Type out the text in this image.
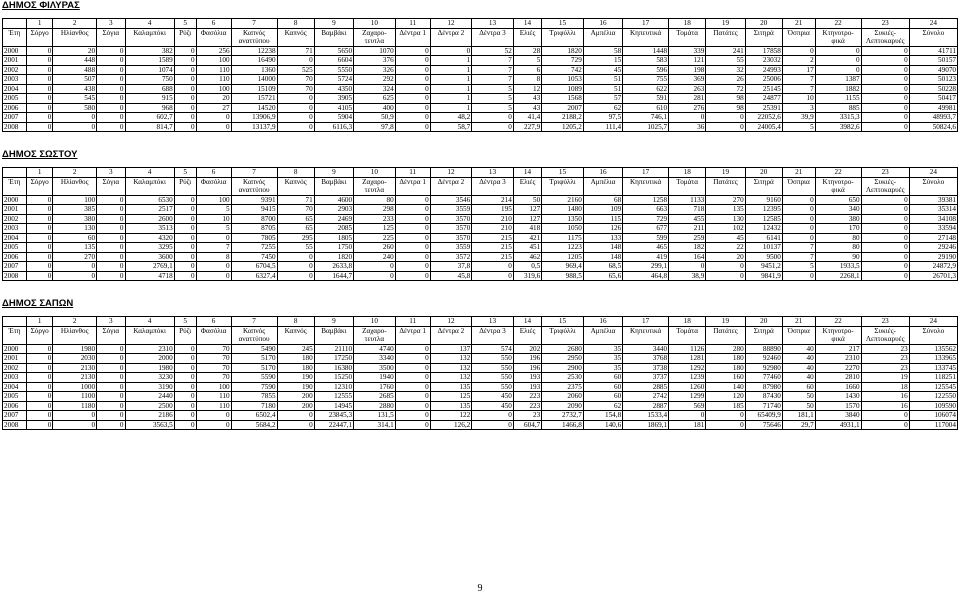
ΔΗΜΟΣ ΦΙΛΥΡΑΣ
	1	2	3	4	5	6	7	8	9	10	11	12	13	14	15	16	17	18	19	20	21	22	23	24
Έτη	Σόργο	Ηλίανθος	Σόγια	Καλαμπόκι	Ρύζι	Φασόλια	Καπνός αναττύπου	Καπνός	Βαμβάκι	Ζαχαρο-τευτλα	Δέντρα 1	Δέντρα 2	Δέντρα 3	Ελιές	Τριφύλλι	Αμπέλια	Κηπευτικά	Τομάτα	Πατάτες	Σιτηρά	Όσπρια	Κτηνοτρο-φικά	Συκιές-Λεπτοκαρυές	Σύνολο
2000	0	20	0	382	0	256	12238	71	5650	1070	0	0	52	28	1820	58	1448	339	241	17858	0	0	0	41711
2001	0	448	0	1589	0	100	16490	0	6604	376	0	1	7	5	729	15	583	121	55	23032	2	0	0	50157
2002	0	488	0	1074	0	110	1360	525	5550	326	0	1	7	6	742	45	596	198	32	24993	17	0	0	49070
2003	0	507	0	750	0	110	14000	70	5724	292	0	1	7	8	1053	51	755	369	26	25006	7	1387	0	50123
2004	0	438	0	688	0	100	15109	70	4350	324	0	1	5	12	1089	51	622	263	72	25145	7	1882	0	50228
2005	0	545	0	915	0	20	15721	0	3905	625	0	1	5	43	1568	57	591	281	98	24877	10	1155	0	50417
2006	0	580	0	968	0	27	14520	0	4105	400	0	1	5	43	2007	62	610	276	98	25391	3	885	0	49981
2007	0	0	0	602,7	0	0	13906,9	0	5904	50,9	0	48,2	0	41,4	2188,2	97,5	746,1	0	0	22052,6	39,9	3315,3	0	48993,7
2008	0	0	0	814,7	0	0	13137,9	0	6116,3	97,8	0	58,7	0	227,9	1205,2	111,4	1025,7	36	0	24005,4	5	3982,6	0	50824,6
ΔΗΜΟΣ ΣΩΣΤΟΥ
	1	2	3	4	5	6	7	8	9	10	11	12	13	14	15	16	17	18	19	20	21	22	23	24
Έτη	Σόργο	Ηλίανθος	Σόγια	Καλαμπόκι	Ρύζι	Φασόλια	Καπνός αναττύπου	Καπνός	Βαμβάκι	Ζαχαρο-τευτλα	Δέντρα 1	Δέντρα 2	Δέντρα 3	Ελιές	Τριφύλλι	Αμπέλια	Κηπευτικά	Τομάτα	Πατάτες	Σιτηρά	Όσπρια	Κτηνοτρο-φικά	Συκιές-Λεπτοκαρυές	Σύνολο
2000	0	100	0	6530	0	100	9391	71	4600	80	0	3546	214	50	2160	68	1258	1133	270	9160	0	650	0	39381
2001	0	385	0	2517	0	5	9415	70	2903	298	0	3559	195	127	1480	109	663	718	135	12395	0	340	0	35314
2002	0	380	0	2600	0	10	8700	65	2469	233	0	3570	210	127	1350	115	729	455	130	12585	0	380	0	34108
2003	0	130	0	3513	0	5	8705	65	2085	125	0	3570	210	418	1050	126	677	211	102	12432	0	170	0	33594
2004	0	60	0	4320	0	0	7805	295	1805	225	0	3570	215	421	1175	133	599	259	45	6141	0	80	0	27148
2005	0	135	0	3295	0	7	7255	55	1750	260	0	3559	215	451	1223	148	465	182	22	10137	7	80	0	29246
2006	0	270	0	3600	0	8	7450	0	1820	240	0	3572	215	462	1205	148	419	164	20	9500	7	90	0	29190
2007	0	0	0	2769,1	0	0	6704,5	0	2633,8	0	0	37,8	0	0,5	969,4	68,5	299,1	0	0	9451,2	5	1933,5	0	24872,9
2008	0	0	0	4718	0	0	6327,4	0	1644,7	0	0	45,8	0	319,6	988,5	65,6	464,8	38,9	0	9841,9	0	2268,1	0	26701,3
ΔΗΜΟΣ ΣΑΠΩΝ
	1	2	3	4	5	6	7	8	9	10	11	12	13	14	15	16	17	18	19	20	21	22	23	24
Έτη	Σόργο	Ηλίανθος	Σόγια	Καλαμπόκι	Ρύζι	Φασόλια	Καπνός αναττύπου	Καπνός	Βαμβάκι	Ζαχαρο-τευτλα	Δέντρα 1	Δέντρα 2	Δέντρα 3	Ελιές	Τριφύλλι	Αμπέλια	Κηπευτικά	Τομάτα	Πατάτες	Σιτηρά	Όσπρια	Κτηνοτρο-φικά	Συκιές-Λεπτοκαρυές	Σύνολο
2000	0	1980	0	2310	0	70	5490	245	21110	4740	0	137	574	202	2680	35	3440	1126	280	88890	40	217	23	135562
2001	0	2030	0	2000	0	70	5170	180	17250	3340	0	132	550	196	2950	35	3768	1281	180	92460	40	2310	23	133965
2002	0	2130	0	1980	0	70	5170	180	16380	3500	0	132	550	196	2900	35	3738	1292	180	92980	40	2270	23	133745
2003	0	2130	0	3230	0	70	5590	190	15250	1940	0	132	550	193	2530	60	3737	1239	160	77460	40	2810	19	118251
2004	0	1000	0	3190	0	100	7590	190	12310	1760	0	135	550	193	2375	60	2885	1260	140	87980	60	1660	18	125545
2005	0	1100	0	2440	0	110	7855	200	12555	2685	0	125	450	223	2060	60	2742	1299	120	87430	50	1430	16	122550
2006	0	1180	0	2500	0	110	7180	200	14945	2880	0	135	450	223	2090	62	2887	569	185	71740	50	1570	16	109590
2007	0	0	0	2186	0	0	6502,4	0	23845,3	131,5	0	122	0	23	2732,7	154,8	1533,4	0	0	65409,9	181,1	3840	0	106074
2008	0	0	0	3563,5	0	0	5684,2	0	22447,1	314,1	0	126,2	0	604,7	1466,8	140,6	1869,1	181	0	75646	29,7	4931,1	0	117004
9
